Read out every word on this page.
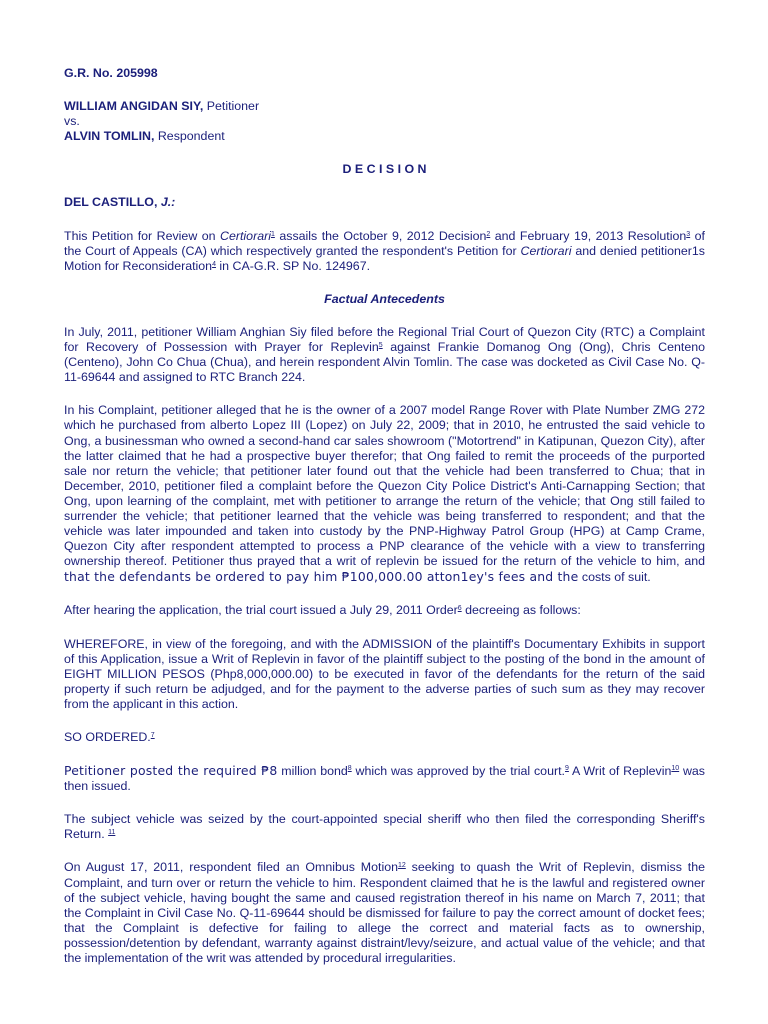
G.R. No. 205998

WILLIAM ANGIDAN SIY, Petitioner

vs.

ALVIN TOMLIN, Respondent

D E C I S I O N

DEL CASTILLO, J.:

This Petition for Review on Certiorari$^1$ assails the October 9, 2012 Decision$^2$ and February 19, 2013 Resolution$^3$ of the Court of Appeals (CA) which respectively granted the respondent's Petition for Certiorari and denied petitioner1s Motion for Reconsideration$^4$ in CA-G.R. SP No. 124967.

Factual Antecedents

In July, 2011, petitioner William Anghian Siy filed before the Regional Trial Court of Quezon City (RTC) a Complaint for Recovery of Possession with Prayer for Replevin$^5$ against Frankie Domanog Ong (Ong), Chris Centeno (Centeno), John Co Chua (Chua), and herein respondent Alvin Tomlin. The case was docketed as Civil Case No. Q-11-69644 and assigned to RTC Branch 224.

In his Complaint, petitioner alleged that he is the owner of a 2007 model Range Rover with Plate Number ZMG 272 which he purchased from alberto Lopez III (Lopez) on July 22, 2009; that in 2010, he entrusted the said vehicle to Ong, a businessman who owned a second-hand car sales showroom ("Motortrend" in Katipunan, Quezon City), after the latter claimed that he had a prospective buyer therefor; that Ong failed to remit the proceeds of the purported sale nor return the vehicle; that petitioner later found out that the vehicle had been transferred to Chua; that in December, 2010, petitioner filed a complaint before the Quezon City Police District's Anti-Carnapping Section; that Ong, upon learning of the complaint, met with petitioner to arrange the return of the vehicle; that Ong still failed to surrender the vehicle; that petitioner learned that the vehicle was being transferred to respondent; and that the vehicle was later impounded and taken into custody by the PNP-Highway Patrol Group (HPG) at Camp Crame, Quezon City after respondent attempted to process a PNP clearance of the vehicle with a view to transferring ownership thereof. Petitioner thus prayed that a writ of replevin be issued for the return of the vehicle to him, and that the defendants be ordered to pay him ₱100,000.00 atton1ey's fees and the costs of suit.

After hearing the application, the trial court issued a July 29, 2011 Order$^6$ decreeing as follows:

WHEREFORE, in view of the foregoing, and with the ADMISSION of the plaintiff's Documentary Exhibits in support of this Application, issue a Writ of Replevin in favor of the plaintiff subject to the posting of the bond in the amount of EIGHT MILLION PESOS (Php8,000,000.00) to be executed in favor of the defendants for the return of the said property if such return be adjudged, and for the payment to the adverse parties of such sum as they may recover from the applicant in this action.

SO ORDERED.$^7$

Petitioner posted the required ₱8 million bond$^8$ which was approved by the trial court.$^9$ A Writ of Replevin$^{10}$ was then issued.

The subject vehicle was seized by the court-appointed special sheriff who then filed the corresponding Sheriff's Return. $^{11}$

On August 17, 2011, respondent filed an Omnibus Motion$^{12}$ seeking to quash the Writ of Replevin, dismiss the Complaint, and turn over or return the vehicle to him. Respondent claimed that he is the lawful and registered owner of the subject vehicle, having bought the same and caused registration thereof in his name on March 7, 2011; that the Complaint in Civil Case No. Q-11-69644 should be dismissed for failure to pay the correct amount of docket fees; that the Complaint is defective for failing to allege the correct and material facts as to ownership, possession/detention by defendant, warranty against distraint/levy/seizure, and actual value of the vehicle; and that the implementation of the writ was attended by procedural irregularities.
